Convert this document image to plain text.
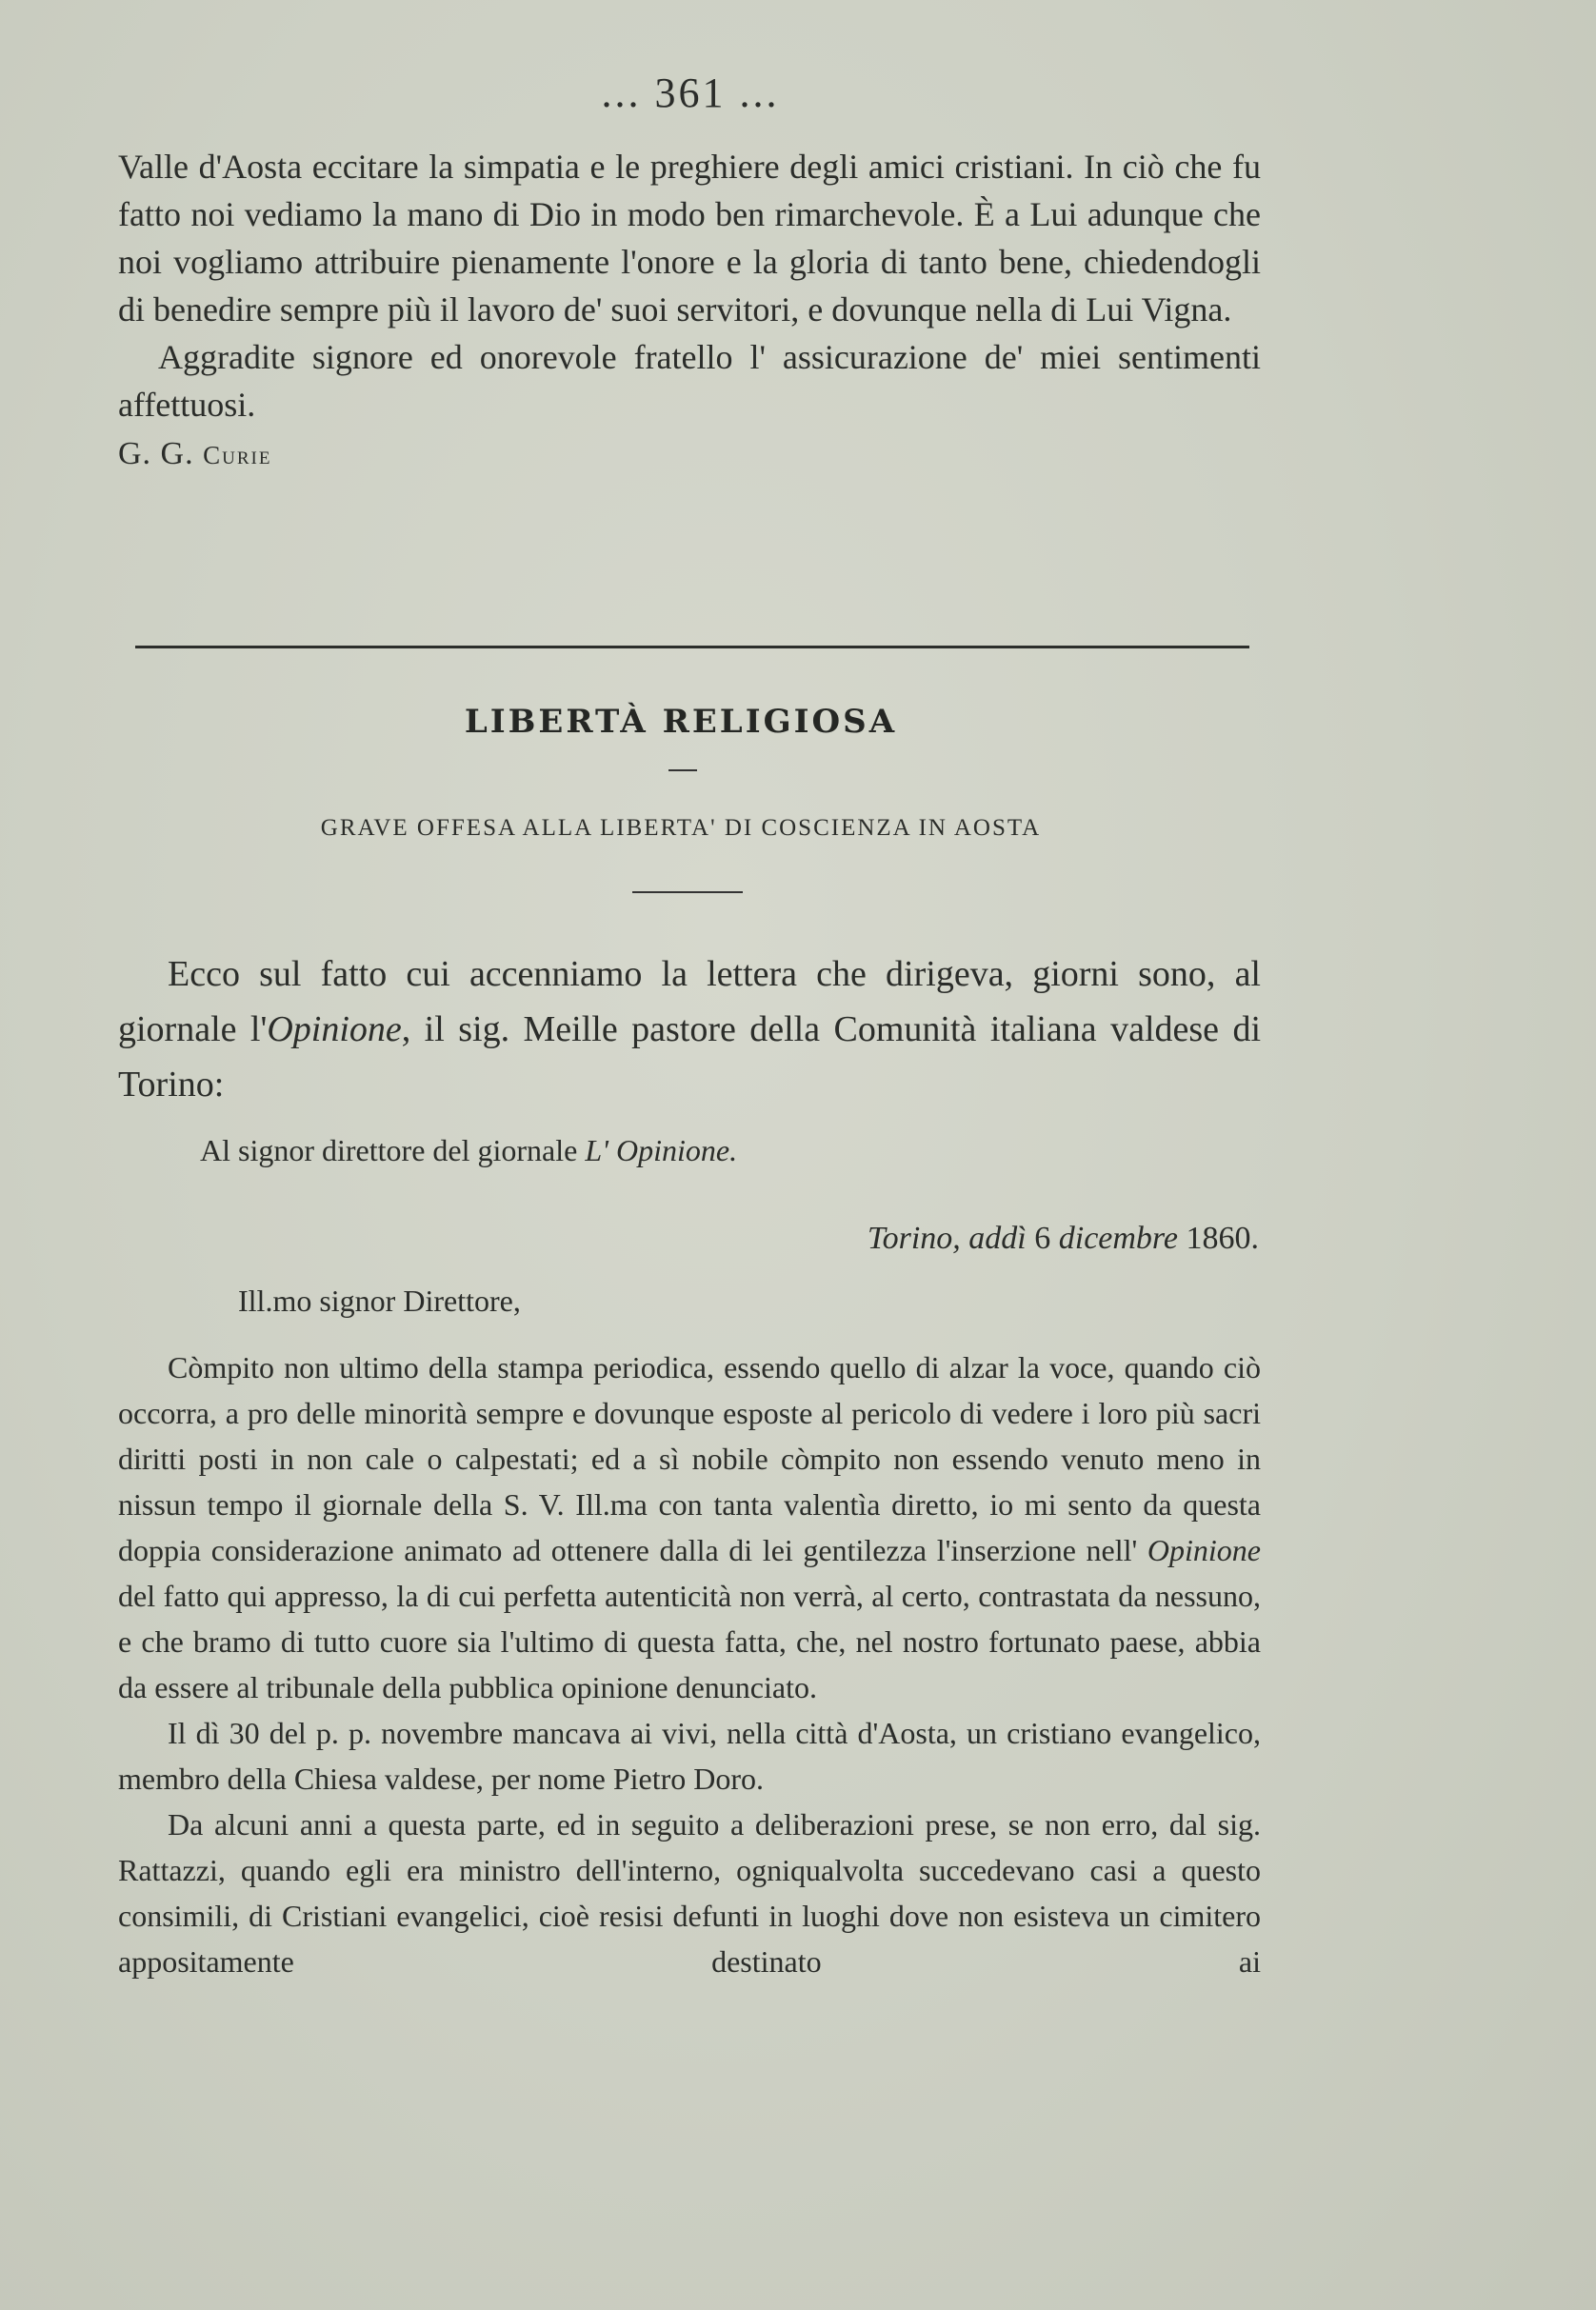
... 361 ...

Valle d'Aosta eccitare la simpatia e le preghiere degli amici cristiani. In ciò che fu fatto noi vediamo la mano di Dio in modo ben rimarchevole. È a Lui adunque che noi vogliamo attribuire pienamente l'onore e la gloria di tanto bene, chiedendogli di benedire sempre più il lavoro de' suoi servitori, e dovunque nella di Lui Vigna.

Aggradite signore ed onorevole fratello l' assicurazione de' miei sentimenti affettuosi.

G. G. Curie

LIBERTÀ RELIGIOSA
GRAVE OFFESA ALLA LIBERTA' DI COSCIENZA IN AOSTA

Ecco sul fatto cui accenniamo la lettera che dirigeva, giorni sono, al giornale l'Opinione, il sig. Meille pastore della Comunità italiana valdese di Torino:

Al signor direttore del giornale L' Opinione.
Torino, addì 6 dicembre 1860.
Ill.mo signor Direttore,

Còmpito non ultimo della stampa periodica, essendo quello di alzar la voce, quando ciò occorra, a pro delle minorità sempre e dovunque esposte al pericolo di vedere i loro più sacri diritti posti in non cale o calpestati; ed a sì nobile còmpito non essendo venuto meno in nissun tempo il giornale della S. V. Ill.ma con tanta valentìa diretto, io mi sento da questa doppia considerazione animato ad ottenere dalla di lei gentilezza l'inserzione nell' Opinione del fatto qui appresso, la di cui perfetta autenticità non verrà, al certo, contrastata da nessuno, e che bramo di tutto cuore sia l'ultimo di questa fatta, che, nel nostro fortunato paese, abbia da essere al tribunale della pubblica opinione denunciato.

Il dì 30 del p. p. novembre mancava ai vivi, nella città d'Aosta, un cristiano evangelico, membro della Chiesa valdese, per nome Pietro Doro.

Da alcuni anni a questa parte, ed in seguito a deliberazioni prese, se non erro, dal sig. Rattazzi, quando egli era ministro dell'interno, ogniqualvolta succedevano casi a questo consimili, di Cristiani evangelici, cioè resisi defunti in luoghi dove non esisteva un cimitero appositamente destinato ai
